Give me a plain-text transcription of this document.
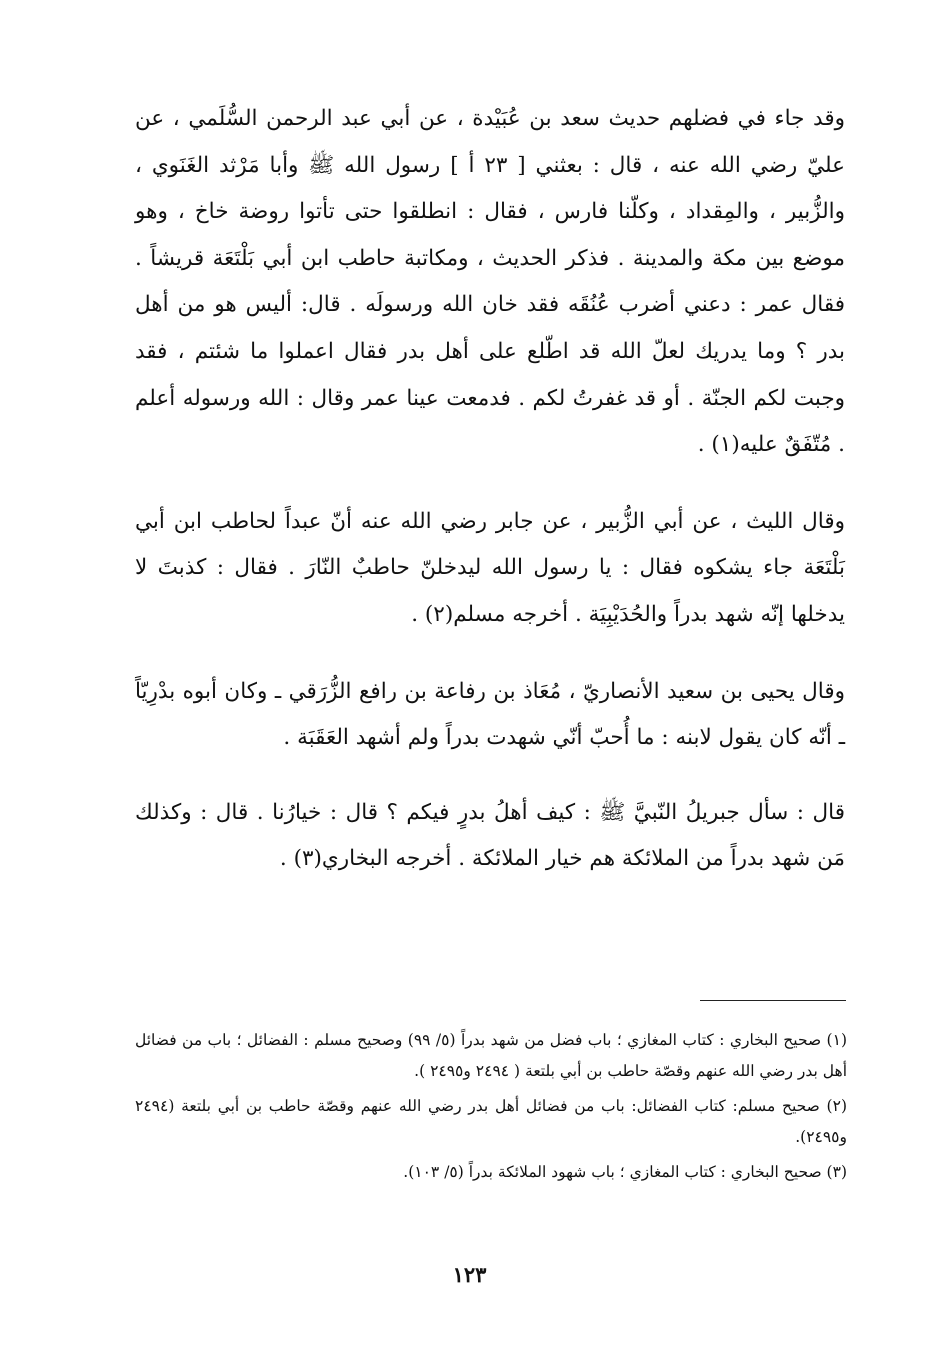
وقد جاء في فضلهم حديث سعد بن عُبَيْدة ، عن أبي عبد الرحمن السُّلَمي ، عن عليّ رضي الله عنه ، قال : بعثني [ ٢٣ أ ] رسول الله ﷺ وأبا مَرْثد الغَنَوي ، والزُّبير ، والمِقداد ، وكلّنا فارس ، فقال : انطلقوا حتى تأتوا روضة خاخ ، وهو موضع بين مكة والمدينة . فذكر الحديث ، ومكاتبة حاطب ابن أبي بَلْتَعَة قريشاً . فقال عمر : دعني أضرب عُنُقَه فقد خان الله ورسولَه . قال: أليس هو من أهل بدر ؟ وما يدريك لعلّ الله قد اطّلع على أهل بدر فقال اعملوا ما شئتم ، فقد وجبت لكم الجنّة . أو قد غفرتُ لكم . فدمعت عينا عمر وقال : الله ورسوله أعلم . مُتّفَقٌ عليه(١) .

وقال الليث ، عن أبي الزُّبير ، عن جابر رضي الله عنه أنّ عبداً لحاطب ابن أبي بَلْتَعَة جاء يشكوه فقال : يا رسول الله ليدخلنّ حاطبٌ النّارَ . فقال : كذبتَ لا يدخلها إنّه شهد بدراً والحُدَيْبِيَة . أخرجه مسلم(٢) .

وقال يحيى بن سعيد الأنصاريّ ، مُعَاذ بن رفاعة بن رافع الزُّرَقي ـ وكان أبوه بدْرِيّاً ـ أنّه كان يقول لابنه : ما أُحبّ أنّي شهدت بدراً ولم أشهد العَقَبَة .

قال : سأل جبريلُ النّبيَّ ﷺ : كيف أهلُ بدرٍ فيكم ؟ قال : خيارُنا . قال : وكذلك مَن شهد بدراً من الملائكة هم خيار الملائكة . أخرجه البخاري(٣) .

(١) صحيح البخاري : كتاب المغازي ؛ باب فضل من شهد بدراً (٥/ ٩٩) وصحيح مسلم : الفضائل ؛ باب من فضائل أهل بدر رضي الله عنهم وقصّة حاطب بن أبي بلتعة ( ٢٤٩٤ و٢٤٩٥ ).

(٢) صحيح مسلم: كتاب الفضائل: باب من فضائل أهل بدر رضي الله عنهم وقصّة حاطب بن أبي بلتعة (٢٤٩٤ و٢٤٩٥).

(٣) صحيح البخاري : كتاب المغازي ؛ باب شهود الملائكة بدراً (٥/ ١٠٣).

١٢٣
